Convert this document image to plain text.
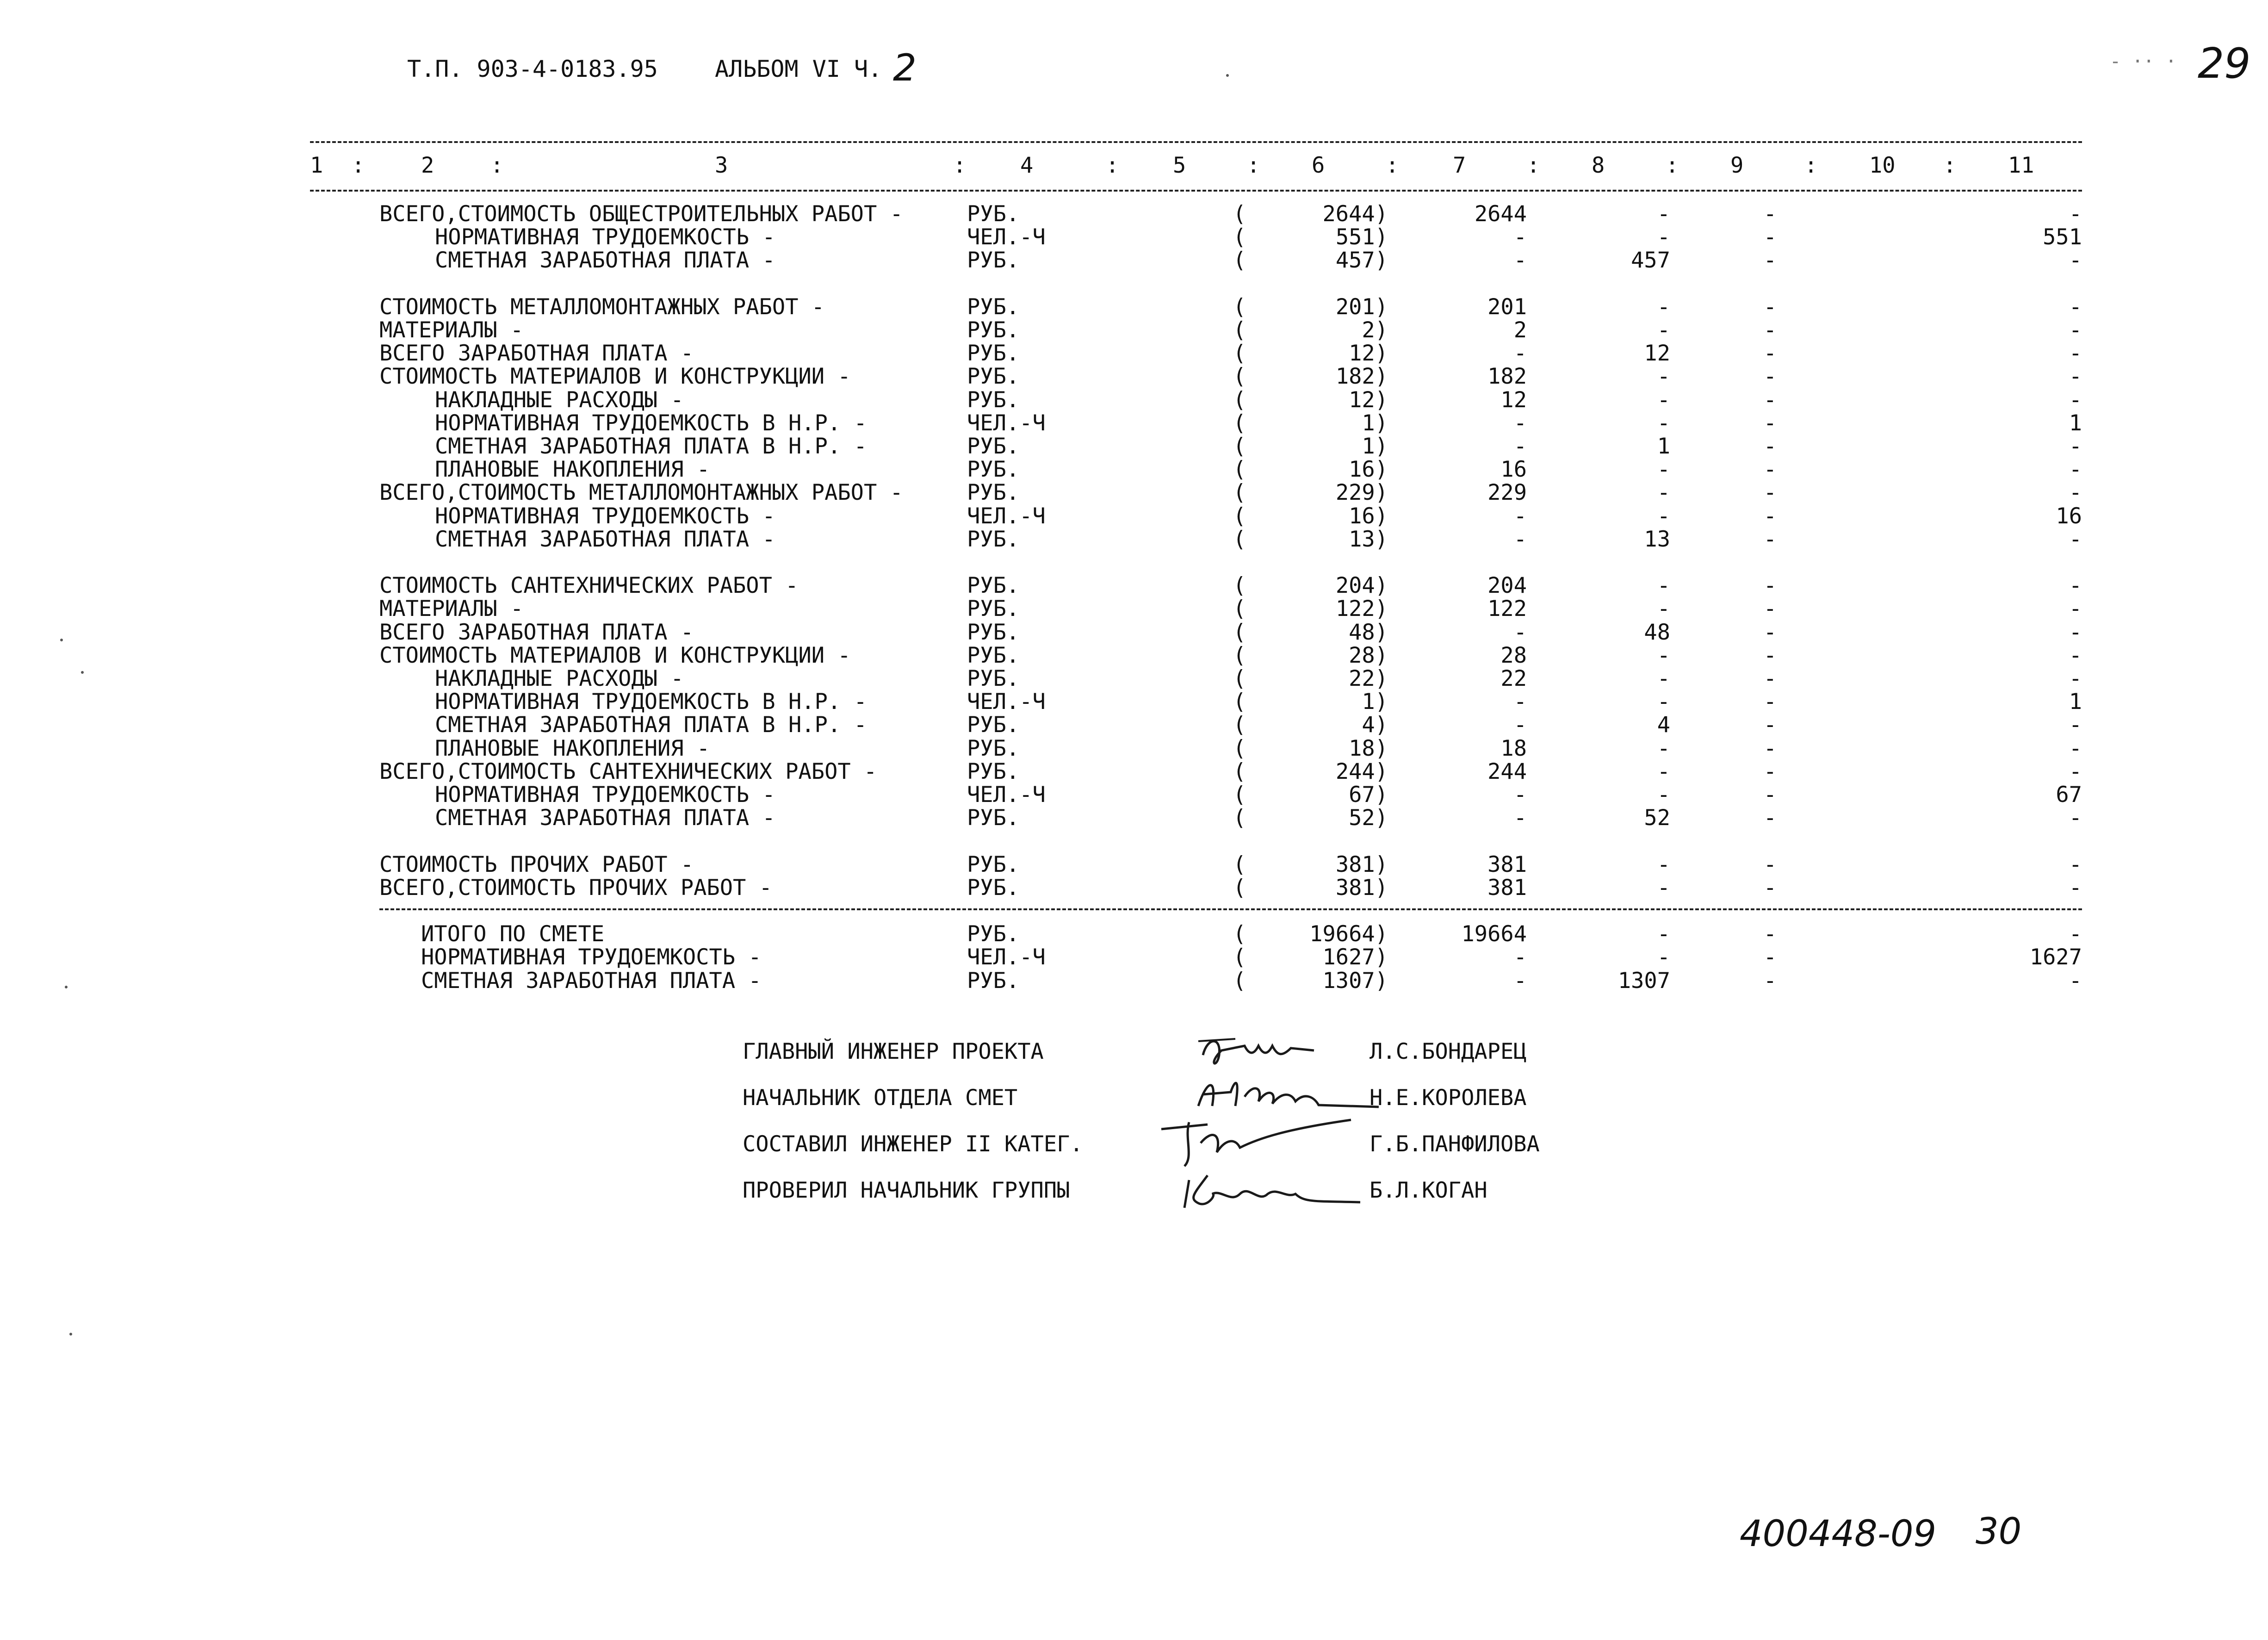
Т.П. 903-4-0183.95 АЛЬБОМ VI Ч. 2	29
- ·· ·
:	:	:	:	:	:	:	:	:	:
1	2	3	4	5	6	7	8	9	10	11
ВСЕГО,СТОИМОСТЬ ОБЩЕСТРОИТЕЛЬНЫХ РАБОТ -	РУБ.	(	2644)	2644	-	-	-
НОРМАТИВНАЯ ТРУДОЕМКОСТЬ -	ЧЕЛ.-Ч	(	551)	-	-	-	551
СМЕТНАЯ ЗАРАБОТНАЯ ПЛАТА -	РУБ.	(	457)	-	457	-	-
СТОИМОСТЬ МЕТАЛЛОМОНТАЖНЫХ РАБОТ -	РУБ.	(	201)	201	-	-	-
МАТЕРИАЛЫ -	РУБ.	(	2)	2	-	-	-
ВСЕГО ЗАРАБОТНАЯ ПЛАТА -	РУБ.	(	12)	-	12	-	-
СТОИМОСТЬ МАТЕРИАЛОВ И КОНСТРУКЦИИ -	РУБ.	(	182)	182	-	-	-
НАКЛАДНЫЕ РАСХОДЫ -	РУБ.	(	12)	12	-	-	-
НОРМАТИВНАЯ ТРУДОЕМКОСТЬ В Н.Р. -	ЧЕЛ.-Ч	(	1)	-	-	-	1
СМЕТНАЯ ЗАРАБОТНАЯ ПЛАТА В Н.Р. -	РУБ.	(	1)	-	1	-	-
ПЛАНОВЫЕ НАКОПЛЕНИЯ -	РУБ.	(	16)	16	-	-	-
ВСЕГО,СТОИМОСТЬ МЕТАЛЛОМОНТАЖНЫХ РАБОТ -	РУБ.	(	229)	229	-	-	-
НОРМАТИВНАЯ ТРУДОЕМКОСТЬ -	ЧЕЛ.-Ч	(	16)	-	-	-	16
СМЕТНАЯ ЗАРАБОТНАЯ ПЛАТА -	РУБ.	(	13)	-	13	-	-
СТОИМОСТЬ САНТЕХНИЧЕСКИХ РАБОТ -	РУБ.	(	204)	204	-	-	-
МАТЕРИАЛЫ -	РУБ.	(	122)	122	-	-	-
ВСЕГО ЗАРАБОТНАЯ ПЛАТА -	РУБ.	(	48)	-	48	-	-
СТОИМОСТЬ МАТЕРИАЛОВ И КОНСТРУКЦИИ -	РУБ.	(	28)	28	-	-	-
НАКЛАДНЫЕ РАСХОДЫ -	РУБ.	(	22)	22	-	-	-
НОРМАТИВНАЯ ТРУДОЕМКОСТЬ В Н.Р. -	ЧЕЛ.-Ч	(	1)	-	-	-	1
СМЕТНАЯ ЗАРАБОТНАЯ ПЛАТА В Н.Р. -	РУБ.	(	4)	-	4	-	-
ПЛАНОВЫЕ НАКОПЛЕНИЯ -	РУБ.	(	18)	18	-	-	-
ВСЕГО,СТОИМОСТЬ САНТЕХНИЧЕСКИХ РАБОТ -	РУБ.	(	244)	244	-	-	-
НОРМАТИВНАЯ ТРУДОЕМКОСТЬ -	ЧЕЛ.-Ч	(	67)	-	-	-	67
СМЕТНАЯ ЗАРАБОТНАЯ ПЛАТА -	РУБ.	(	52)	-	52	-	-
СТОИМОСТЬ ПРОЧИХ РАБОТ -	РУБ.	(	381)	381	-	-	-
ВСЕГО,СТОИМОСТЬ ПРОЧИХ РАБОТ -	РУБ.	(	381)	381	-	-	-
ИТОГО ПО СМЕТЕ	РУБ.	(	19664)	19664	-	-	-
НОРМАТИВНАЯ ТРУДОЕМКОСТЬ -	ЧЕЛ.-Ч	(	1627)	-	-	-	1627
СМЕТНАЯ ЗАРАБОТНАЯ ПЛАТА -	РУБ.	(	1307)	-	1307	-	-
ГЛАВНЫЙ ИНЖЕНЕР ПРОЕКТА	Л.С.БОНДАРЕЦ
НАЧАЛЬНИК ОТДЕЛА СМЕТ	Н.Е.КОРОЛЕВА
СОСТАВИЛ ИНЖЕНЕР II КАТЕГ.	Г.Б.ПАНФИЛОВА
ПРОВЕРИЛ НАЧАЛЬНИК ГРУППЫ	Б.Л.КОГАН
400448-09 30
